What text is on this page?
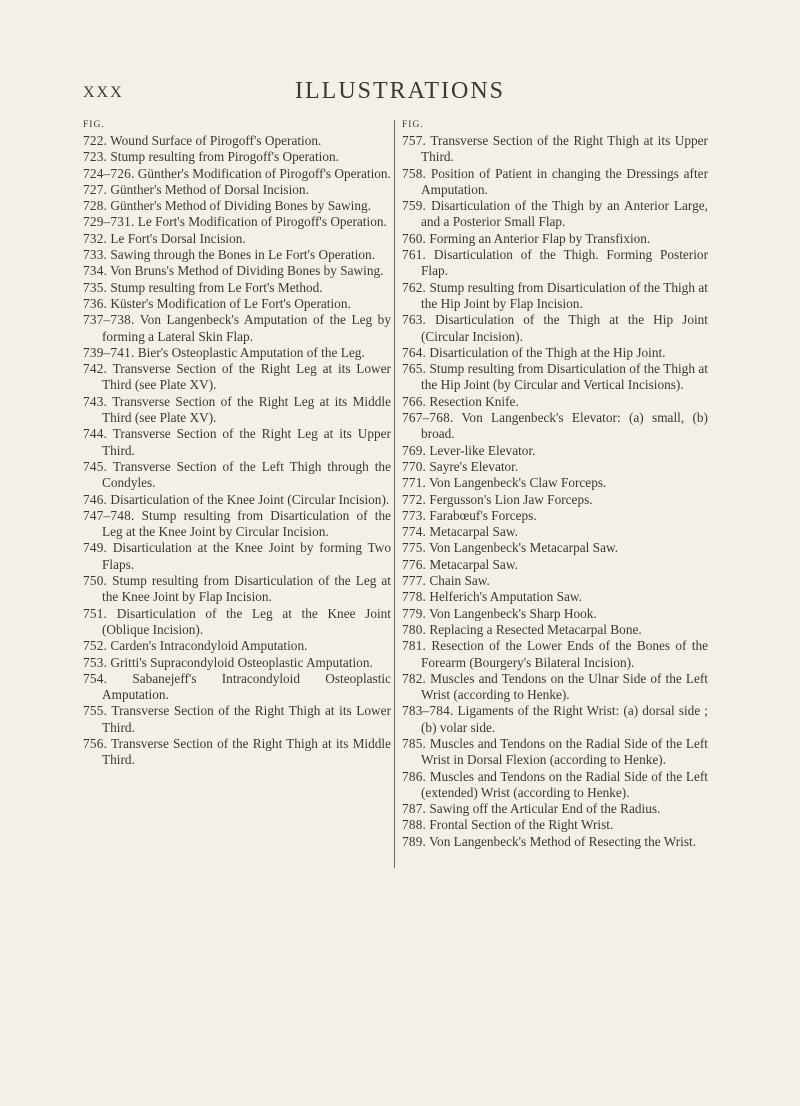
XXX	ILLUSTRATIONS
FIG.
722. Wound Surface of Pirogoff's Operation.
723. Stump resulting from Pirogoff's Operation.
724–726. Günther's Modification of Pirogoff's Operation.
727. Günther's Method of Dorsal Incision.
728. Günther's Method of Dividing Bones by Sawing.
729–731. Le Fort's Modification of Pirogoff's Operation.
732. Le Fort's Dorsal Incision.
733. Sawing through the Bones in Le Fort's Operation.
734. Von Bruns's Method of Dividing Bones by Sawing.
735. Stump resulting from Le Fort's Method.
736. Küster's Modification of Le Fort's Operation.
737–738. Von Langenbeck's Amputation of the Leg by forming a Lateral Skin Flap.
739–741. Bier's Osteoplastic Amputation of the Leg.
742. Transverse Section of the Right Leg at its Lower Third (see Plate XV).
743. Transverse Section of the Right Leg at its Middle Third (see Plate XV).
744. Transverse Section of the Right Leg at its Upper Third.
745. Transverse Section of the Left Thigh through the Condyles.
746. Disarticulation of the Knee Joint (Circular Incision).
747–748. Stump resulting from Disarticulation of the Leg at the Knee Joint by Circular Incision.
749. Disarticulation at the Knee Joint by forming Two Flaps.
750. Stump resulting from Disarticulation of the Leg at the Knee Joint by Flap Incision.
751. Disarticulation of the Leg at the Knee Joint (Oblique Incision).
752. Carden's Intracondyloid Amputation.
753. Gritti's Supracondyloid Osteoplastic Amputation.
754. Sabanejeff's Intracondyloid Osteoplastic Amputation.
755. Transverse Section of the Right Thigh at its Lower Third.
756. Transverse Section of the Right Thigh at its Middle Third.
FIG.
757. Transverse Section of the Right Thigh at its Upper Third.
758. Position of Patient in changing the Dressings after Amputation.
759. Disarticulation of the Thigh by an Anterior Large, and a Posterior Small Flap.
760. Forming an Anterior Flap by Transfixion.
761. Disarticulation of the Thigh. Forming Posterior Flap.
762. Stump resulting from Disarticulation of the Thigh at the Hip Joint by Flap Incision.
763. Disarticulation of the Thigh at the Hip Joint (Circular Incision).
764. Disarticulation of the Thigh at the Hip Joint.
765. Stump resulting from Disarticulation of the Thigh at the Hip Joint (by Circular and Vertical Incisions).
766. Resection Knife.
767–768. Von Langenbeck's Elevator: (a) small, (b) broad.
769. Lever-like Elevator.
770. Sayre's Elevator.
771. Von Langenbeck's Claw Forceps.
772. Fergusson's Lion Jaw Forceps.
773. Farabœuf's Forceps.
774. Metacarpal Saw.
775. Von Langenbeck's Metacarpal Saw.
776. Metacarpal Saw.
777. Chain Saw.
778. Helferich's Amputation Saw.
779. Von Langenbeck's Sharp Hook.
780. Replacing a Resected Metacarpal Bone.
781. Resection of the Lower Ends of the Bones of the Forearm (Bourgery's Bilateral Incision).
782. Muscles and Tendons on the Ulnar Side of the Left Wrist (according to Henke).
783–784. Ligaments of the Right Wrist: (a) dorsal side ; (b) volar side.
785. Muscles and Tendons on the Radial Side of the Left Wrist in Dorsal Flexion (according to Henke).
786. Muscles and Tendons on the Radial Side of the Left (extended) Wrist (according to Henke).
787. Sawing off the Articular End of the Radius.
788. Frontal Section of the Right Wrist.
789. Von Langenbeck's Method of Resecting the Wrist.
